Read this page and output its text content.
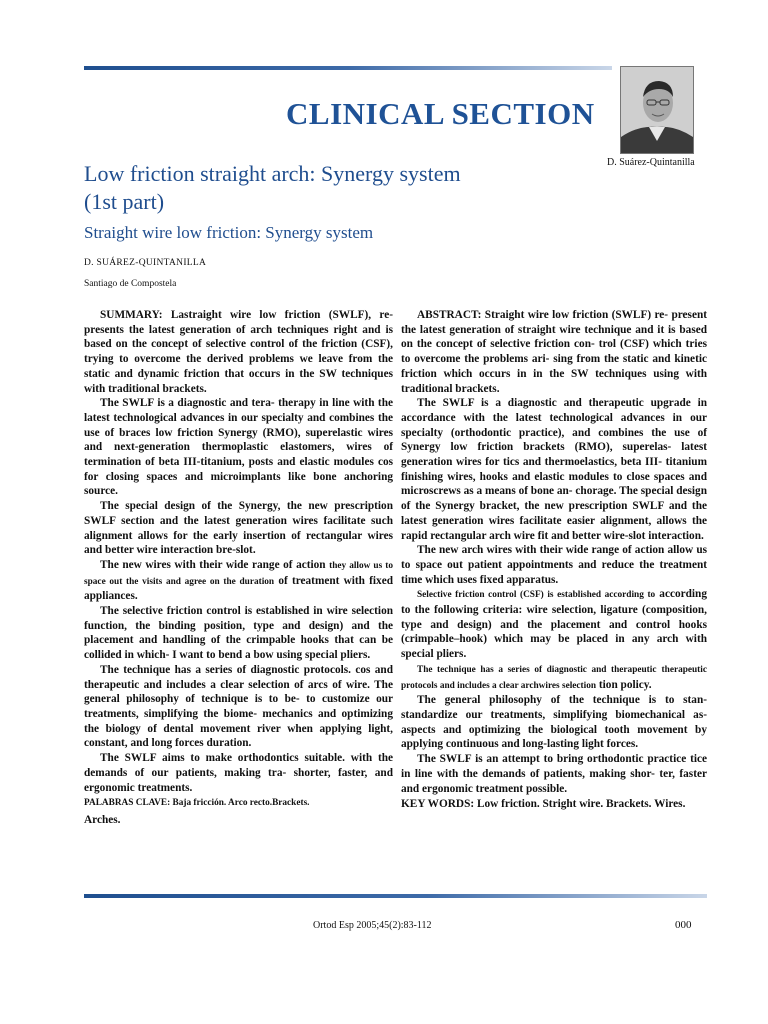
D. Suárez-Quintanilla
CLINICAL SECTION
Low friction straight arch: Synergy system
(1st part)
Straight wire low friction: Synergy system
D. SUÁREZ-QUINTANILLA
Santiago de Compostela

SUMMARY: Lastraight wire low friction (SWLF), re- presents the latest generation of arch techniques right and is based on the concept of selective control of the friction (CSF), trying to overcome the derived problems we leave from the static and dynamic friction that occurs in the SW techniques with traditional brackets.

The SWLF is a diagnostic and tera- therapy in line with the latest technological advances in our specialty and combines the use of braces low friction Synergy (RMO), superelastic wires and next-generation thermoplastic elastomers, wires of termination of beta III-titanium, posts and elastic modules cos for closing spaces and microimplants like bone anchoring source.

The special design of the Synergy, the new prescription SWLF section and the latest generation wires facilitate such alignment allows for the early insertion of rectangular wires and better wire interaction bre-slot.

The new wires with their wide range of action they allow us to space out the visits and agree on the duration of treatment with fixed appliances.

The selective friction control is established in wire selection function, the binding position, type and design) and the placement and handling of the crimpable hooks that can be collided in which- I want to bend a bow using special pliers.

The technique has a series of diagnostic protocols. cos and therapeutic and includes a clear selection of arcs of wire. The general philosophy of technique is to be- to customize our treatments, simplifying the biome- mechanics and optimizing the biology of dental movement river when applying light, constant, and long forces duration.

The SWLF aims to make orthodontics suitable. with the demands of our patients, making tra- shorter, faster, and ergonomic treatments.

PALABRAS CLAVE: Baja fricción. Arco recto.Brackets.

Arches.

ABSTRACT: Straight wire low friction (SWLF) re- present the latest generation of straight wire technique and it is based on the concept of selective friction con- trol (CSF) which tries to overcome the problems ari- sing from the static and kinetic friction which occurs in in the SW techniques using with traditional brackets.

The SWLF is a diagnostic and therapeutic upgrade in accordance with the latest technological advances in our specialty (orthodontic practice), and combines the use of Synergy low friction brackets (RMO), superelas- latest generation wires for tics and thermoelastics, beta III- titanium finishing wires, hooks and elastic modules to close spaces and microscrews as a means of bone an- chorage. The special design of the Synergy bracket, the new prescription SWLF and the latest generation wires facilitate easier alignment, allows the rapid rectangular arch wire fit and better wire-slot interaction.

The new arch wires with their wide range of action allow us to space out patient appointments and reduce the treatment time which uses fixed apparatus.

Selective friction control (CSF) is established according to according to the following criteria: wire selection, ligature (composition, type and design) and the placement and control hooks (crimpable–hook) which may be placed in any arch with special pliers.

The technique has a series of diagnostic and therapeutic therapeutic protocols and includes a clear archwires selection tion policy.

The general philosophy of the technique is to stan- standardize our treatments, simplifying biomechanical as- aspects and optimizing the biological tooth movement by applying continuous and long-lasting light forces.

The SWLF is an attempt to bring orthodontic practice tice in line with the demands of patients, making shor- ter, faster and ergonomic treatment possible.

KEY WORDS: Low friction. Stright wire. Brackets. Wires.

Ortod Esp 2005;45(2):83-112	000
